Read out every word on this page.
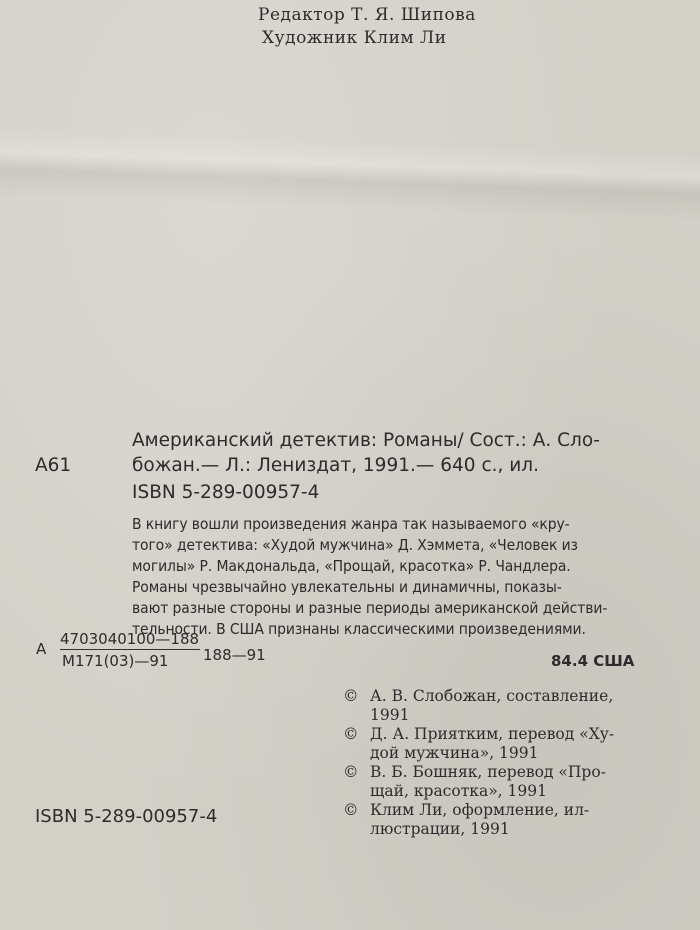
Редактор Т. Я. Шипова
Художник Клим Ли
Американский детектив: Романы/ Сост.: А. Сло-
А61	божан.— Л.: Лениздат, 1991.— 640 с., ил.
ISBN 5-289-00957-4
В книгу вошли произведения жанра так называемого «кру-
того» детектива: «Худой мужчина» Д. Хэммета, «Человек из
могилы» Р. Макдональда, «Прощай, красотка» Р. Чандлера.
Романы чрезвычайно увлекательны и динамичны, показы-
вают разные стороны и разные периоды американской действи-
тельности. В США признаны классическими произведениями.
А
4703040100—188
М171(03)—91 188—91	84.4 США
© А. В. Слобожан, составление,
1991
© Д. А. Приятким, перевод «Ху-
дой мужчина», 1991
© В. Б. Бошняк, перевод «Про-
щай, красотка», 1991
© Клим Ли, оформление, ил-
люстрации, 1991
ISBN 5-289-00957-4
